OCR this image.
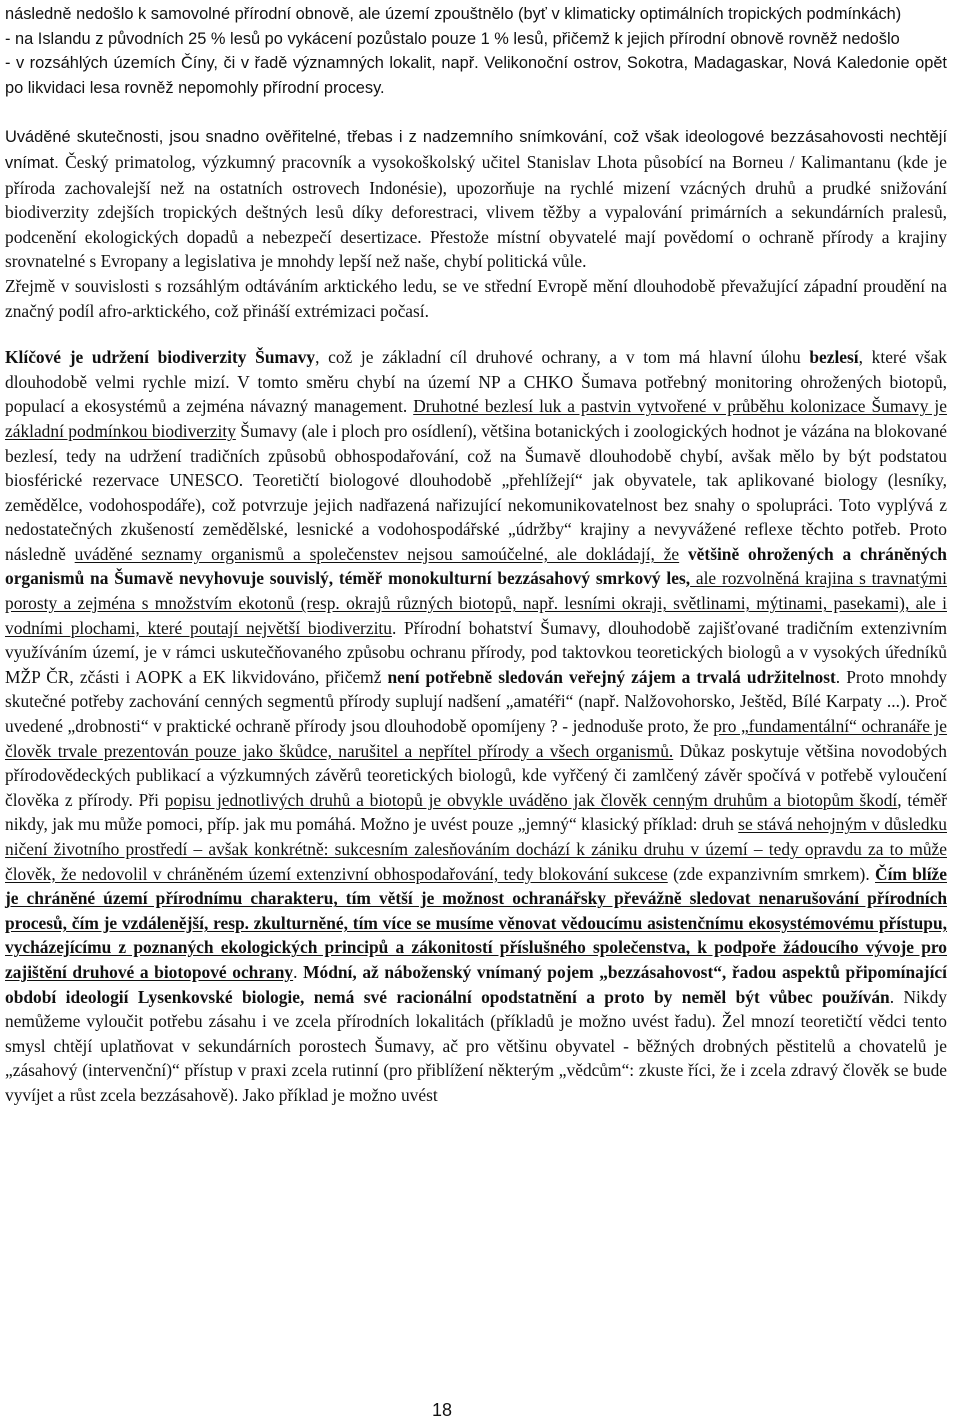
následně nedošlo k samovolné přírodní obnově, ale území zpouštnělo (byť v klimaticky optimálních tropických podmínkách)
- na Islandu z původních 25 % lesů po vykácení pozůstalo pouze 1 % lesů, přičemž k jejich přírodní obnově rovněž nedošlo
- v rozsáhlých územích Číny, či v řadě významných lokalit, např. Velikonoční ostrov, Sokotra, Madagaskar, Nová Kaledonie opět po likvidaci lesa rovněž nepomohly přírodní procesy.
Uváděné skutečnosti, jsou snadno ověřitelné, třebas i z nadzemního snímkování, což však ideologové bezzásahovosti nechtějí vnímat. Český primatolog, výzkumný pracovník a vysokoškolský učitel Stanislav Lhota působící na Borneu / Kalimantanu (kde je příroda zachovalejší než na ostatních ostrovech Indonésie), upozorňuje na rychlé mizení vzácných druhů a prudké snižování biodiverzity zdejších tropických deštných lesů díky deforestraci, vlivem těžby a vypalování primárních a sekundárních pralesů, podcenění ekologických dopadů a nebezpečí desertizace. Přestože místní obyvatelé mají povědomí o ochraně přírody a krajiny srovnatelné s Evropany a legislativa je mnohdy lepší než naše, chybí politická vůle.
Zřejmě v souvislosti s rozsáhlým odtáváním arktického ledu, se ve střední Evropě mění dlouhodobě převažující západní proudění na značný podíl afro-arktického, což přináší extrémizaci počasí.
Klíčové je udržení biodiverzity Šumavy, což je základní cíl druhové ochrany, a v tom má hlavní úlohu bezlesí, které však dlouhodobě velmi rychle mizí. V tomto směru chybí na území NP a CHKO Šumava potřebný monitoring ohrožených biotopů, populací a ekosystémů a zejména návazný management. Druhotné bezlesí luk a pastvin vytvořené v průběhu kolonizace Šumavy je základní podmínkou biodiverzity Šumavy (ale i ploch pro osídlení), většina botanických i zoologických hodnot je vázána na blokované bezlesí, tedy na udržení tradičních způsobů obhospodařování, což na Šumavě dlouhodobě chybí, avšak mělo by být podstatou biosférické rezervace UNESCO. Teoretičtí biologové dlouhodobě „přehlížejí“ jak obyvatele, tak aplikované biology (lesníky, zemědělce, vodohospodáře), což potvrzuje jejich nadřazená nařizující nekomunikovatelnost bez snahy o spolupráci. Toto vyplývá z nedostatečných zkušeností zemědělské, lesnické a vodohospodářské „údržby“ krajiny a nevyvážené reflexe těchto potřeb. Proto následně uváděné seznamy organismů a společenstev nejsou samoúčelné, ale dokládají, že většině ohrožených a chráněných organismů na Šumavě nevyhovuje souvislý, téměř monokulturní bezzásahový smrkový les, ale rozvolněná krajina s travnatými porosty a zejména s množstvím ekotonů (resp. okrajů různých biotopů, např. lesními okraji, světlinami, mýtinami, pasekami), ale i vodními plochami, které poutají největší biodiverzitu. Přírodní bohatství Šumavy, dlouhodobě zajišťované tradičním extenzivním využíváním území, je v rámci uskutečňovaného způsobu ochranu přírody, pod taktovkou teoretických biologů a v vysokých úředníků MŽP ČR, zčásti i AOPK a EK likvidováno, přičemž není potřebně sledován veřejný zájem a trvalá udržitelnost. Proto mnohdy skutečné potřeby zachování cenných segmentů přírody suplují nadšení „amatéři“ (např. Nalžovohorsko, Ještěd, Bílé Karpaty ...). Proč uvedené „drobnosti“ v praktické ochraně přírody jsou dlouhodobě opomíjeny ? - jednoduše proto, že pro „fundamentální“ ochranáře je člověk trvale prezentován pouze jako škůdce, narušitel a nepřítel přírody a všech organismů. Důkaz poskytuje většina novodobých přírodovědeckých publikací a výzkumných závěrů teoretických biologů, kde vyřčený či zamlčený závěr spočívá v potřebě vyloučení člověka z přírody. Při popisu jednotlivých druhů a biotopů je obvykle uváděno jak člověk cenným druhům a biotopům škodí, téměř nikdy, jak mu může pomoci, příp. jak mu pomáhá. Možno je uvést pouze „jemný“ klasický příklad: druh se stává nehojným v důsledku ničení životního prostředí – avšak konkrétně: sukcesním zalesňováním dochází k zániku druhu v území – tedy opravdu za to může člověk, že nedovolil v chráněném území extenzivní obhospodařování, tedy blokování sukcese (zde expanzivním smrkem). Čím blíže je chráněné území přírodnímu charakteru, tím větší je možnost ochranářsky převážně sledovat nenarušování přírodních procesů, čím je vzdálenější, resp. zkulturněné, tím více se musíme věnovat vědoucímu asistenčnímu ekosystémovému přístupu, vycházejícímu z poznaných ekologických principů a zákonitostí příslušného společenstva, k podpoře žádoucího vývoje pro zajištění druhové a biotopové ochrany. Módní, až náboženský vnímaný pojem „bezzásahovost“, řadou aspektů připomínající období ideologií Lysenkovské biologie, nemá své racionální opodstatnění a proto by neměl být vůbec používán. Nikdy nemůžeme vyloučit potřebu zásahu i ve zcela přírodních lokalitách (příkladů je možno uvést řadu). Žel mnozí teoretičtí vědci tento smysl chtějí uplatňovat v sekundárních porostech Šumavy, ač pro většinu obyvatel - běžných drobných pěstitelů a chovatelů je „zásahový (intervenční)“ přístup v praxi zcela rutinní (pro přiblížení některým „vědcům“: zkuste říci, že i zcela zdravý člověk se bude vyvíjet a růst zcela bezzásahově). Jako příklad je možno uvést
18
